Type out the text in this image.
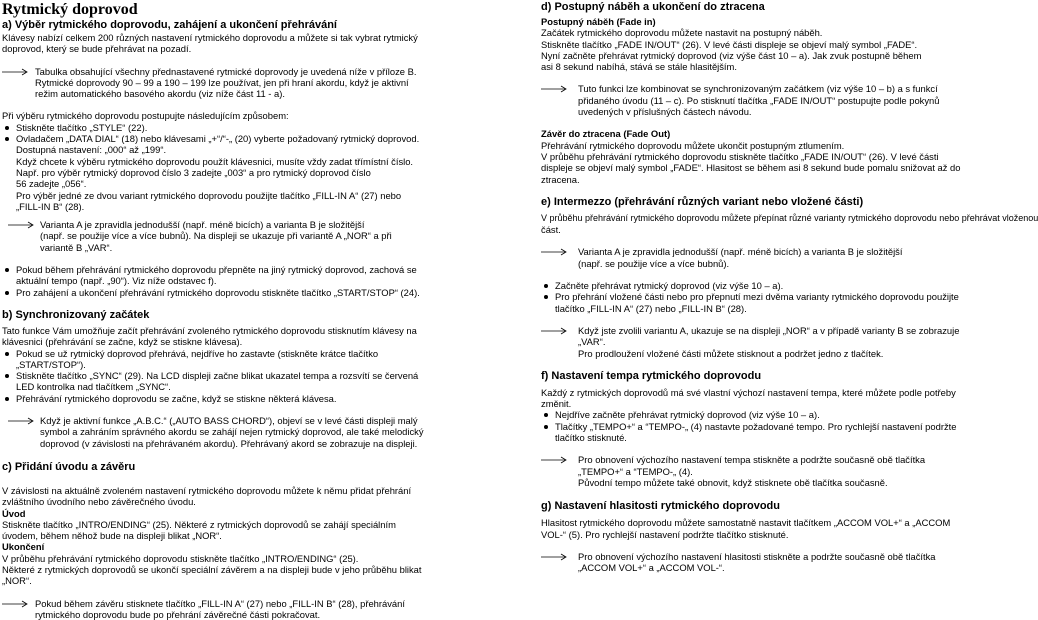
Rytmický doprovod
a) Výběr rytmického doprovodu, zahájení a ukončení přehrávání
Klávesy nabízí celkem 200 různých nastavení rytmického doprovodu a můžete si tak vybrat rytmický
doprovod, který se bude přehrávat na pozadí.
Tabulka obsahující všechny přednastavené rytmické doprovody je uvedená níže v příloze B.
Rytmické doprovody 90 – 99 a 190 – 199 lze používat, jen při hraní akordu, když je aktivní
režim automatického basového akordu (viz níže část 11 - a).
Při výběru rytmického doprovodu postupujte následujícím způsobem:
Stiskněte tlačítko „STYLE“ (22).
Ovladačem „DATA DIAL“ (18) nebo klávesami „+“/“-„ (20) vyberte požadovaný rytmický doprovod.
Dostupná nastavení: „000“ až „199“.
Když chcete k výběru rytmického doprovodu použít klávesnici, musíte vždy zadat třímístní číslo.
Např. pro výběr rytmický doprovod číslo 3 zadejte „003“ a pro rytmický doprovod číslo
56 zadejte „056“.
Pro výběr jedné ze dvou variant rytmického doprovodu použijte tlačítko „FILL-IN A“ (27) nebo
„FILL-IN B“ (28).
Varianta A je zpravidla jednodušší (např. méně bicích) a varianta B je složitější
(např. se použije více a více bubnů). Na displeji se ukazuje při variantě A „NOR“ a při
variantě B „VAR“.
Pokud během přehrávání rytmického doprovodu přepněte na jiný rytmický doprovod, zachová se
aktuální tempo (např. „90“). Viz níže odstavec f).
Pro zahájení a ukončení přehrávání rytmického doprovodu stiskněte tlačítko „START/STOP“ (24).
b) Synchronizovaný začátek
Tato funkce Vám umožňuje začít přehrávání zvoleného rytmického doprovodu stisknutím klávesy na
klávesnici (přehrávání se začne, když se stiskne klávesa).
Pokud se už rytmický doprovod přehrává, nejdříve ho zastavte (stiskněte krátce tlačítko
„START/STOP“).
Stiskněte tlačítko „SYNC“ (29). Na LCD displeji začne blikat ukazatel tempa a rozsvítí se červená
LED kontrolka nad tlačítkem „SYNC“.
Přehrávání rytmického doprovodu se začne, když se stiskne některá klávesa.
Když je aktivní funkce „A.B.C.“ („AUTO BASS CHORD“), objeví se v levé části displeji malý
symbol a zahráním správného akordu se zahájí nejen rytmický doprovod, ale také melodický
doprovod (v závislosti na přehrávaném akordu). Přehrávaný akord se zobrazuje na displeji.
c) Přidání úvodu a závěru
V závislosti na aktuálně zvoleném nastavení rytmického doprovodu můžete k němu přidat přehrání
zvláštního úvodního nebo závěrečného úvodu.
Úvod
Stiskněte tlačítko „INTRO/ENDING“ (25). Některé z rytmických doprovodů se zahájí speciálním
úvodem, během něhož bude na displeji blikat „NOR“.
Ukončení
V průběhu přehrávání rytmického doprovodu stiskněte tlačítko „INTRO/ENDING“ (25).
Některé z rytmických doprovodů se ukončí speciální závěrem a na displeji bude v jeho průběhu blikat
„NOR“.
Pokud během závěru stisknete tlačítko „FILL-IN A“ (27) nebo „FILL-IN B“ (28), přehrávání
rytmického doprovodu bude po přehrání závěrečné části pokračovat.
d) Postupný náběh a ukončení do ztracena
Postupný náběh (Fade in)
Začátek rytmického doprovodu můžete nastavit na postupný náběh.
Stiskněte tlačítko „FADE IN/OUT“ (26). V levé části displeje se objeví malý symbol „FADE“.
Nyní začněte přehrávat rytmický doprovod (viz výše část 10 – a). Jak zvuk postupně během
asi 8 sekund nabíhá, stává se stále hlasitějším.
Tuto funkci lze kombinovat se synchronizovaným začátkem (viz výše 10 – b) a s funkcí
přidaného úvodu (11 – c). Po stisknutí tlačítka „FADE IN/OUT“ postupujte podle pokynů
uvedených v příslušných částech návodu.
Závěr do ztracena (Fade Out)
Přehrávání rytmického doprovodu můžete ukončit postupným ztlumením.
V průběhu přehrávání rytmického doprovodu stiskněte tlačítko „FADE IN/OUT“ (26). V levé části
displeje se objeví malý symbol „FADE“. Hlasitost se během asi 8 sekund bude pomalu snižovat až do
ztracena.
e) Intermezzo (přehrávání různých variant nebo vložené části)
V průběhu přehrávání rytmického doprovodu můžete přepínat různé varianty rytmického doprovodu nebo přehrávat vloženou
část.
Varianta A je zpravidla jednodušší (např. méně bicích) a varianta B je složitější
(např. se použije více a více bubnů).
Začněte přehrávat rytmický doprovod (viz výše 10 – a).
Pro přehrání vložené části nebo pro přepnutí mezi dvěma varianty rytmického doprovodu použijte
tlačítko „FILL-IN A“ (27) nebo „FILL-IN B“ (28).
Když jste zvolili variantu A, ukazuje se na displeji „NOR“ a v případě varianty B se zobrazuje
„VAR“.
Pro prodloužení vložené části můžete stisknout a podržet jedno z tlačítek.
f) Nastavení tempa rytmického doprovodu
Každý z rytmických doprovodů má své vlastní výchozí nastavení tempa, které můžete podle potřeby
změnit.
Nejdříve začněte přehrávat rytmický doprovod (viz výše 10 – a).
Tlačítky „TEMPO+“ a “TEMPO-„ (4) nastavte požadované tempo. Pro rychlejší nastavení podržte
tlačítko stisknuté.
Pro obnovení výchozího nastavení tempa stiskněte a podržte současně obě tlačítka
„TEMPO+“ a “TEMPO-„ (4).
Původní tempo můžete také obnovit, když stisknete obě tlačítka současně.
g) Nastavení hlasitosti rytmického doprovodu
Hlasitost rytmického doprovodu můžete samostatně nastavit tlačítkem „ACCOM VOL+“ a „ACCOM
VOL-“ (5). Pro rychlejší nastavení podržte tlačítko stisknuté.
Pro obnovení výchozího nastavení hlasitosti stiskněte a podržte současně obě tlačítka
„ACCOM VOL+“ a „ACCOM VOL-“.
